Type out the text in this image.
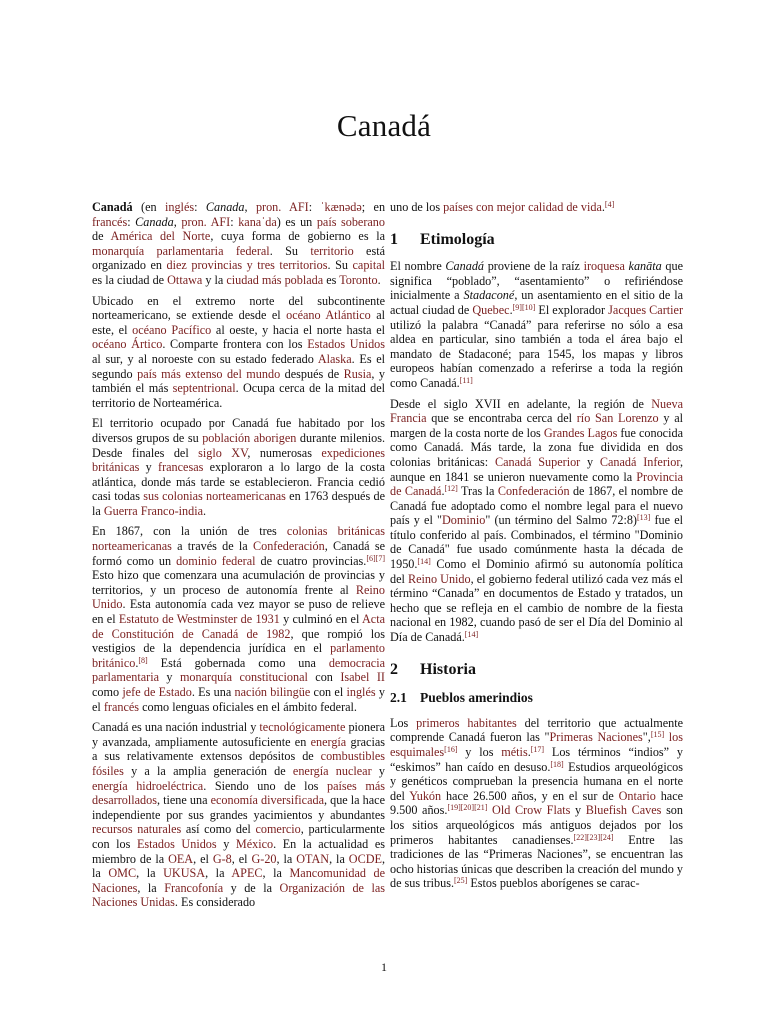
Canadá

Canadá (en inglés: Canada, pron. AFI: ˈkænədə; en francés: Canada, pron. AFI: kanaˈda) es un país soberano de América del Norte, cuya forma de gobierno es la monarquía parlamentaria federal. Su territorio está organizado en diez provincias y tres territorios. Su capital es la ciudad de Ottawa y la ciudad más poblada es Toronto.

Ubicado en el extremo norte del subcontinente norteamericano, se extiende desde el océano Atlántico al este, el océano Pacífico al oeste, y hacia el norte hasta el océano Ártico. Comparte frontera con los Estados Unidos al sur, y al noroeste con su estado federado Alaska. Es el segundo país más extenso del mundo después de Rusia, y también el más septentrional. Ocupa cerca de la mitad del territorio de Norteamérica.

El territorio ocupado por Canadá fue habitado por los diversos grupos de su población aborigen durante milenios. Desde finales del siglo XV, numerosas expediciones británicas y francesas exploraron a lo largo de la costa atlántica, donde más tarde se establecieron. Francia cedió casi todas sus colonias norteamericanas en 1763 después de la Guerra Franco-india.

En 1867, con la unión de tres colonias británicas norteamericanas a través de la Confederación, Canadá se formó como un dominio federal de cuatro provincias.[6][7] Esto hizo que comenzara una acumulación de provincias y territorios, y un proceso de autonomía frente al Reino Unido. Esta autonomía cada vez mayor se puso de relieve en el Estatuto de Westminster de 1931 y culminó en el Acta de Constitución de Canadá de 1982, que rompió los vestigios de la dependencia jurídica en el parlamento británico.[8] Está gobernada como una democracia parlamentaria y monarquía constitucional con Isabel II como jefe de Estado. Es una nación bilingüe con el inglés y el francés como lenguas oficiales en el ámbito federal.

Canadá es una nación industrial y tecnológicamente pionera y avanzada, ampliamente autosuficiente en energía gracias a sus relativamente extensos depósitos de combustibles fósiles y a la amplia generación de energía nuclear y energía hidroeléctrica. Siendo uno de los países más desarrollados, tiene una economía diversificada, que la hace independiente por sus grandes yacimientos y abundantes recursos naturales así como del comercio, particularmente con los Estados Unidos y México. En la actualidad es miembro de la OEA, el G-8, el G-20, la OTAN, la OCDE, la OMC, la UKUSA, la APEC, la Mancomunidad de Naciones, la Francofonía y de la Organización de las Naciones Unidas. Es considerado

uno de los países con mejor calidad de vida.[4]

1 Etimología

El nombre Canadá proviene de la raíz iroquesa kanāta que significa “poblado”, “asentamiento” o refiriéndose inicialmente a Stadaconé, un asentamiento en el sitio de la actual ciudad de Quebec.[9][10] El explorador Jacques Cartier utilizó la palabra “Canadá” para referirse no sólo a esa aldea en particular, sino también a toda el área bajo el mandato de Stadaconé; para 1545, los mapas y libros europeos habían comenzado a referirse a toda la región como Canadá.[11]

Desde el siglo XVII en adelante, la región de Nueva Francia que se encontraba cerca del río San Lorenzo y al margen de la costa norte de los Grandes Lagos fue conocida como Canadá. Más tarde, la zona fue dividida en dos colonias británicas: Canadá Superior y Canadá Inferior, aunque en 1841 se unieron nuevamente como la Provincia de Canadá.[12] Tras la Confederación de 1867, el nombre de Canadá fue adoptado como el nombre legal para el nuevo país y el "Dominio" (un término del Salmo 72:8)[13] fue el título conferido al país. Combinados, el término "Dominio de Canadá" fue usado comúnmente hasta la década de 1950.[14] Como el Dominio afirmó su autonomía política del Reino Unido, el gobierno federal utilizó cada vez más el término “Canada” en documentos de Estado y tratados, un hecho que se refleja en el cambio de nombre de la fiesta nacional en 1982, cuando pasó de ser el Día del Dominio al Día de Canadá.[14]

2 Historia
2.1 Pueblos amerindios

Los primeros habitantes del territorio que actualmente comprende Canadá fueron las "Primeras Naciones",[15] los esquimales[16] y los métis.[17] Los términos “indios” y “eskimos” han caído en desuso.[18] Estudios arqueológicos y genéticos comprueban la presencia humana en el norte del Yukón hace 26.500 años, y en el sur de Ontario hace 9.500 años.[19][20][21] Old Crow Flats y Bluefish Caves son los sitios arqueológicos más antiguos dejados por los primeros habitantes canadienses.[22][23][24] Entre las tradiciones de las “Primeras Naciones”, se encuentran las ocho historias únicas que describen la creación del mundo y de sus tribus.[25] Estos pueblos aborígenes se carac-

1
